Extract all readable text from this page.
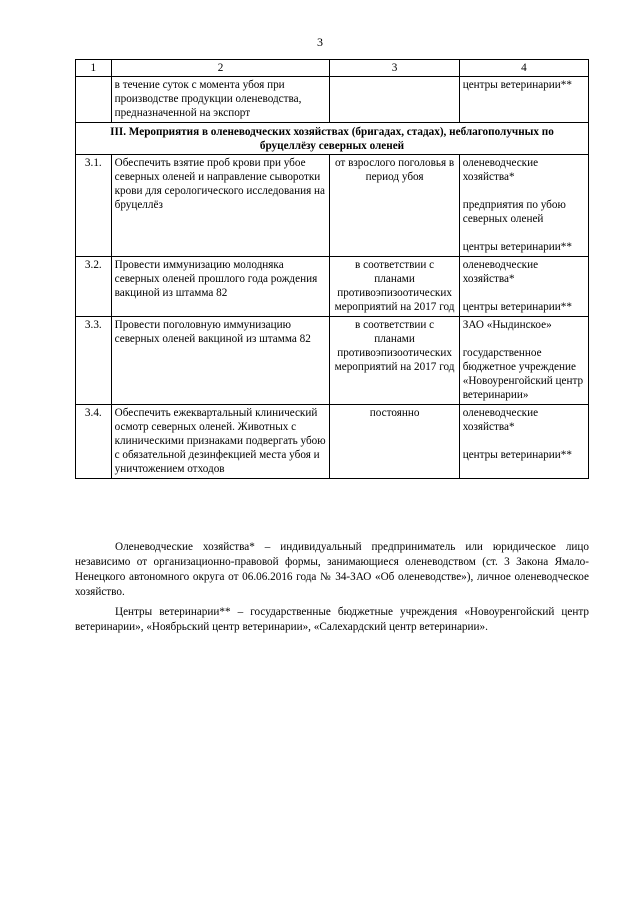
3
1	2	3	4
	в течение суток с момента убоя при производстве продукции оленеводства, предназначенной на экспорт		центры ветеринарии**
III. Мероприятия в оленеводческих хозяйствах (бригадах, стадах), неблагополучных по бруцеллёзу северных оленей			
3.1.	Обеспечить взятие проб крови при убое северных оленей и направление сыворотки крови для серологического исследования на бруцеллёз	от взрослого поголовья в период убоя	оленеводческие хозяйства*

предприятия по убою северных оленей

центры ветеринарии**
3.2.	Провести иммунизацию молодняка северных оленей прошлого года рождения вакциной из штамма 82	в соответствии с планами противоэпизоотических мероприятий на 2017 год	оленеводческие хозяйства*

центры ветеринарии**
3.3.	Провести поголовную иммунизацию северных оленей вакциной из штамма 82	в соответствии с планами противоэпизоотических мероприятий на 2017 год	ЗАО «Ныдинское»

государственное бюджетное учреждение «Новоуренгойский центр ветеринарии»
3.4.	Обеспечить ежеквартальный клинический осмотр северных оленей. Животных с клиническими признаками подвергать убою с обязательной дезинфекцией места убоя и уничтожением отходов	постоянно	оленеводческие хозяйства*

центры ветеринарии**

Оленеводческие хозяйства* – индивидуальный предприниматель или юридическое лицо независимо от организационно-правовой формы, занимающиеся оленеводством (ст. 3 Закона Ямало-Ненецкого автономного округа от 06.06.2016 года № 34-ЗАО «Об оленеводстве»), личное оленеводческое хозяйство.

Центры ветеринарии** – государственные бюджетные учреждения «Новоуренгойский центр ветеринарии», «Ноябрьский центр ветеринарии», «Салехардский центр ветеринарии».
